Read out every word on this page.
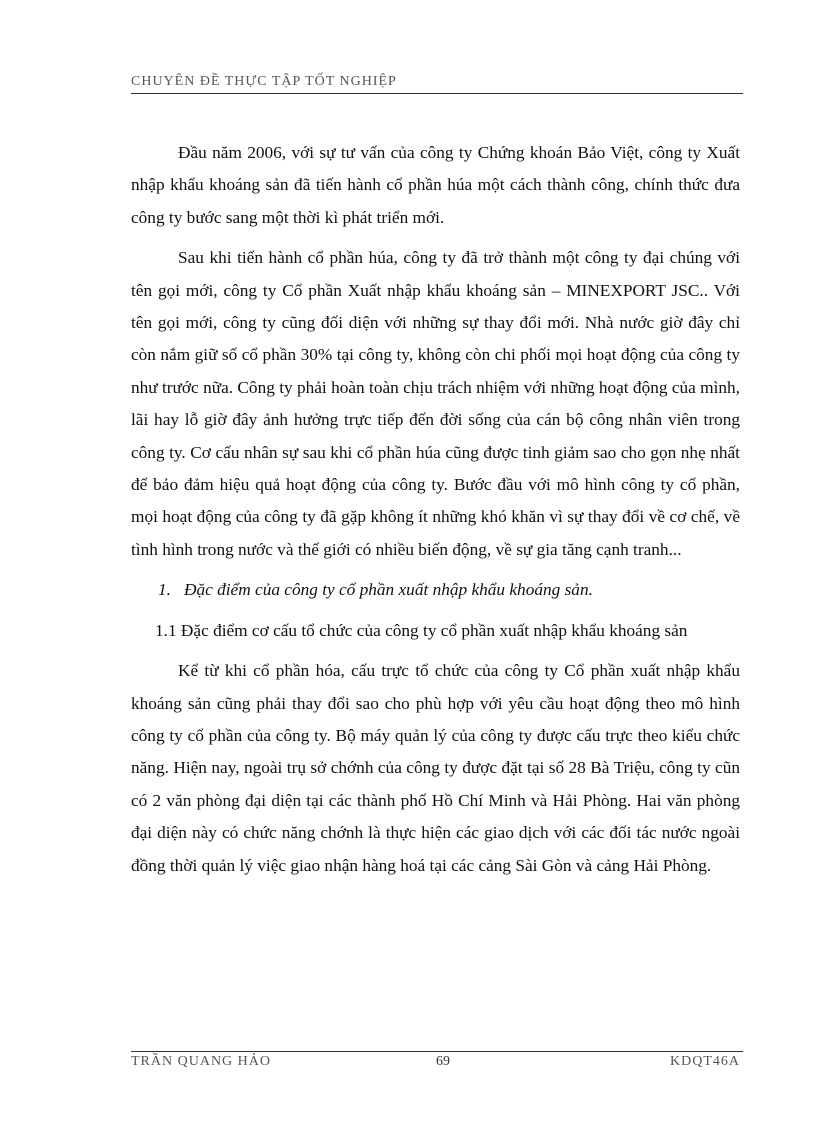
CHUYÊN ĐỀ THỰC TẬP TỐT NGHIỆP

Đầu năm 2006, với sự tư vấn của công ty Chứng khoán Bảo Việt, công ty Xuất nhập khẩu khoáng sản đã tiến hành cổ phần húa một cách thành công, chính thức đưa công ty bước sang một thời kì phát triển mới.

Sau khi tiến hành cổ phần húa, công ty đã trở thành một công ty đại chúng với tên gọi mới, công ty Cổ phần Xuất nhập khẩu khoáng sản – MINEXPORT JSC.. Với tên gọi mới, công ty cũng đối diện với những sự thay đổi mới. Nhà nước giờ đây chỉ còn nắm giữ số cổ phần 30% tại công ty, không còn chi phối mọi hoạt động của công ty như trước nữa. Công ty phải hoàn toàn chịu trách nhiệm với những hoạt động của mình, lãi hay lỗ giờ đây ảnh hưởng trực tiếp đến đời sống của cán bộ công nhân viên trong công ty. Cơ cấu nhân sự sau khi cổ phần húa cũng được tinh giảm sao cho gọn nhẹ nhất để bảo đảm hiệu quả hoạt động của công ty. Bước đầu với mô hình công ty cổ phần, mọi hoạt động của công ty đã gặp không ít những khó khăn vì sự thay đổi về cơ chế, về tình hình trong nước và thế giới có nhiều biến động, về sự gia tăng cạnh tranh...

1. Đặc điểm của công ty cổ phần xuất nhập khẩu khoáng sản.

1.1 Đặc điểm cơ cấu tổ chức của công ty cổ phần xuất nhập khẩu khoáng sản

Kể từ khi cổ phần hóa, cấu trực tổ chức của công ty Cổ phần xuất nhập khẩu khoáng sản cũng phải thay đổi sao cho phù hợp với yêu cầu hoạt động theo mô hình công ty cổ phần của công ty. Bộ máy quản lý của công ty được cấu trực theo kiểu chức năng. Hiện nay, ngoài trụ sở chớnh của công ty được đặt tại số 28 Bà Triệu, công ty cũn có 2 văn phòng đại diện tại các thành phố Hồ Chí Minh và Hải Phòng. Hai văn phòng đại diện này có chức năng chớnh là thực hiện các giao dịch với các đối tác nước ngoài đồng thời quản lý việc giao nhận hàng hoá tại các cảng Sài Gòn và cảng Hải Phòng.

TRẦN QUANG HẢO	69	KDQT46A
